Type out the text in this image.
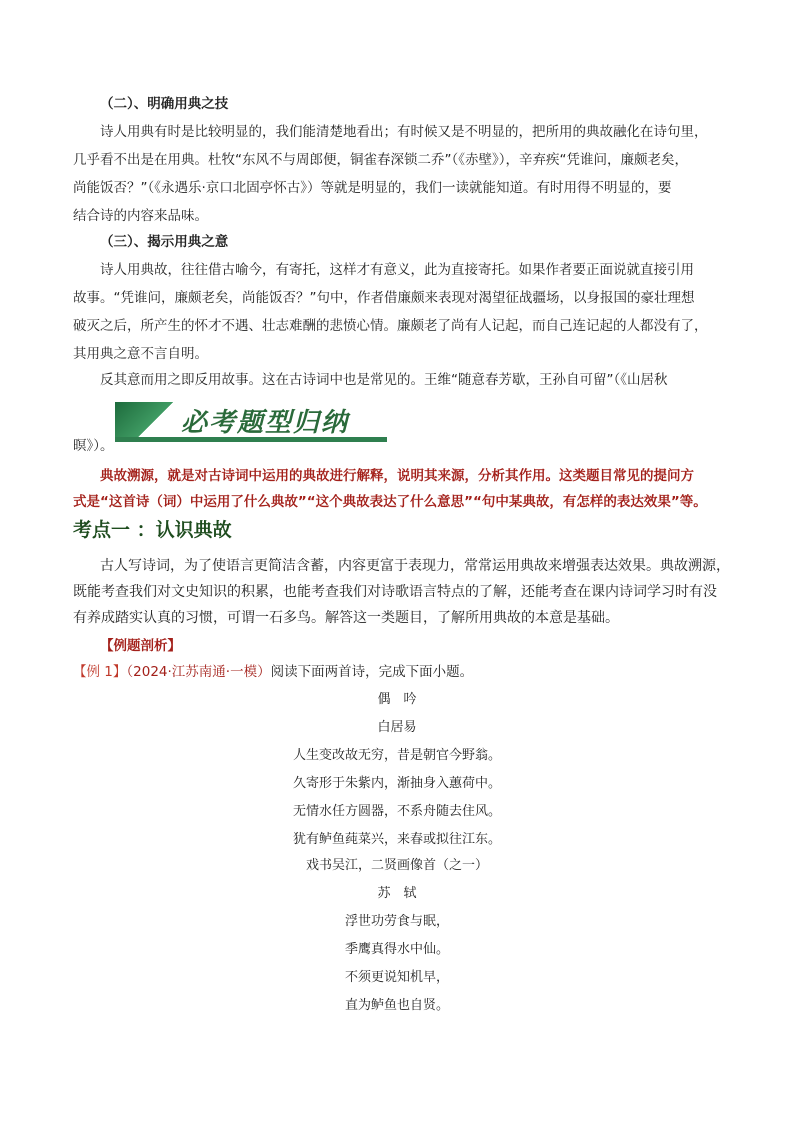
（二）、明确用典之技
诗人用典有时是比较明显的，我们能清楚地看出；有时候又是不明显的，把所用的典故融化在诗句里，
几乎看不出是在用典。杜牧“东风不与周郎便，铜雀春深锁二乔”（《赤壁》），辛弃疾“凭谁问，廉颇老矣，
尚能饭否？”（《永遇乐·京口北固亭怀古》）等就是明显的，我们一读就能知道。有时用得不明显的，要
结合诗的内容来品味。
（三）、揭示用典之意
诗人用典故，往往借古喻今，有寄托，这样才有意义，此为直接寄托。如果作者要正面说就直接引用
故事。“凭谁问，廉颇老矣，尚能饭否？”句中，作者借廉颇来表现对渴望征战疆场，以身报国的豪壮理想
破灭之后，所产生的怀才不遇、壮志难酬的悲愤心情。廉颇老了尚有人记起，而自己连记起的人都没有了，
其用典之意不言自明。
反其意而用之即反用故事。这在古诗词中也是常见的。王维“随意春芳歇，王孙自可留”（《山居秋
暝》）。
必考题型归纳
典故溯源，就是对古诗词中运用的典故进行解释，说明其来源，分析其作用。这类题目常见的提问方
式是“这首诗（词）中运用了什么典故”“这个典故表达了什么意思”“句中某典故，有怎样的表达效果”等。
考点一 ：认识典故
古人写诗词，为了使语言更简洁含蓄，内容更富于表现力，常常运用典故来增强表达效果。典故溯源，
既能考查我们对文史知识的积累，也能考查我们对诗歌语言特点的了解，还能考查在课内诗词学习时有没
有养成踏实认真的习惯，可谓一石多鸟。解答这一类题目，了解所用典故的本意是基础。
【例题剖析】
【例 1】（2024·江苏南通·一模）阅读下面两首诗，完成下面小题。
偶　吟
白居易
人生变改故无穷，昔是朝官今野翁。
久寄形于朱紫内，渐抽身入蕙荷中。
无情水任方圆器，不系舟随去住风。
犹有鲈鱼莼菜兴，来春或拟往江东。
戏书吴江，二贤画像首（之一）
苏　轼
浮世功劳食与眠，
季鹰真得水中仙。
不须更说知机早，
直为鲈鱼也自贤。
